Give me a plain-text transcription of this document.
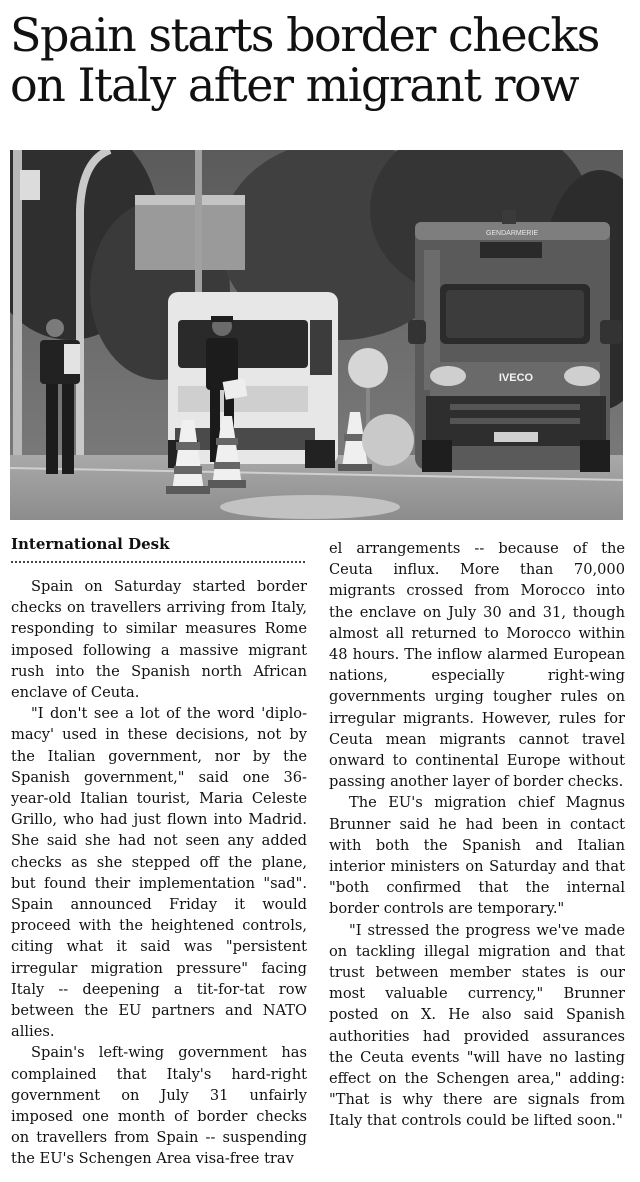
Spain starts border checks on Italy after migrant row
IVECO
GENDARMERIE
International Desk

Spain on Saturday started border checks on travellers arriving from Italy, responding to similar measures Rome imposed following a massive migrant rush into the Spanish north African enclave of Ceuta.

"I don't see a lot of the word 'diplomacy' used in these decisions, not by the Italian government, nor by the Spanish government," said one 36-year-old Italian tourist, Maria Celeste Grillo, who had just flown into Madrid. She said she had not seen any added checks as she stepped off the plane, but found their implementation "sad". Spain announced Friday it would proceed with the heightened controls, citing what it said was "persistent irregular migration pressure" facing Italy -- deepening a tit-for-tat row between the EU partners and NATO allies.

Spain's left-wing government has complained that Italy's hard-right government on July 31 unfairly imposed one month of border checks on travellers from Spain -- suspending the EU's Schengen Area visa-free trav

el arrangements -- because of the Ceuta influx. More than 70,000 migrants crossed from Morocco into the enclave on July 30 and 31, though almost all returned to Morocco within 48 hours. The inflow alarmed European nations, especially right-wing governments urging tougher rules on irregular migrants. However, rules for Ceuta mean migrants cannot travel onward to continental Europe without passing another layer of border checks.

The EU's migration chief Magnus Brunner said he had been in contact with both the Spanish and Italian interior ministers on Saturday and that "both confirmed that the internal border controls are temporary."

"I stressed the progress we've made on tackling illegal migration and that trust between member states is our most valuable currency," Brunner posted on X. He also said Spanish authorities had provided assurances the Ceuta events "will have no lasting effect on the Schengen area," adding: "That is why there are signals from Italy that controls could be lifted soon."
